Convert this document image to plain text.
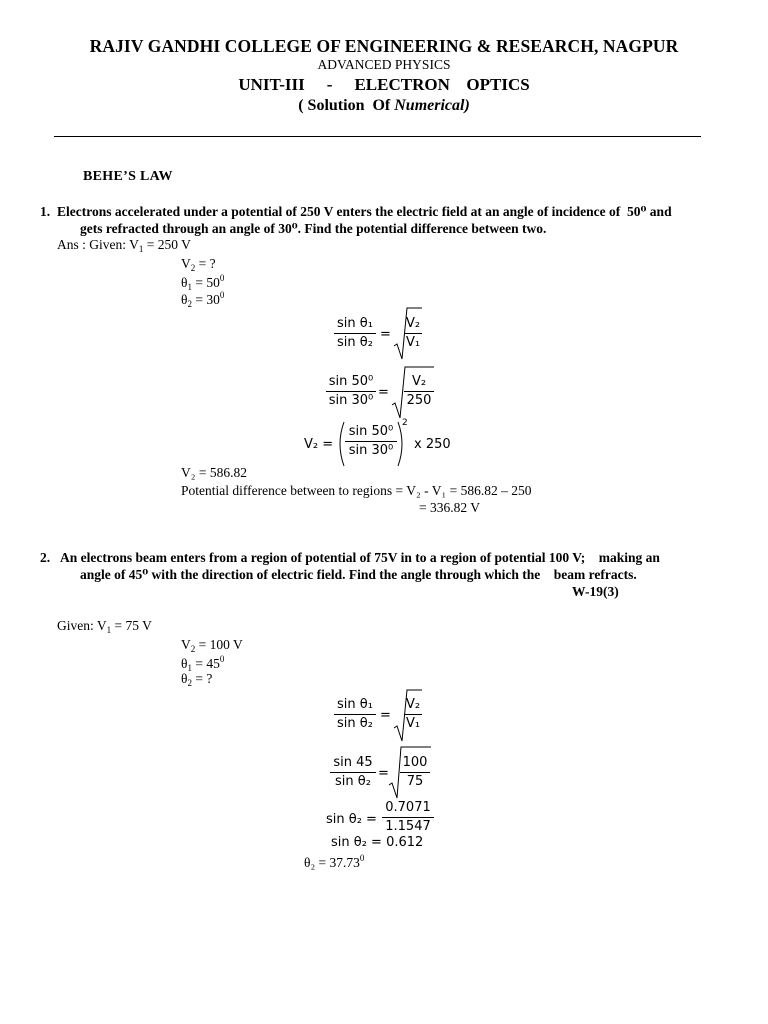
RAJIV GANDHI COLLEGE OF ENGINEERING & RESEARCH, NAGPUR
ADVANCED PHYSICS
UNIT-III - ELECTRON  OPTICS
( Solution  Of Numerical)
BEHE’S LAW
1. Electrons accelerated under a potential of 250 V enters the electric field at an angle of incidence of  50⁰ and
gets refracted through an angle of 30⁰. Find the potential difference between two.
Ans : Given: $V_1 = 250$ V
$V_2$ = ?
$\theta_1 = 50^0$
$\theta_2 = 30^0$
sin θ₁
sin θ₂
=
V₂
V₁
sin 50⁰
sin 30⁰
=
V₂
250
V₂ =
sin 50⁰
sin 30⁰
2
x 250
V₂ = 586.82
Potential difference between to regions = V₂ - V₁ = 586.82 – 250
= 336.82 V
2. An electrons beam enters from a region of potential of 75V in to a region of potential 100 V;    making an
angle of 45⁰ with the direction of electric field. Find the angle through which the    beam refracts.
W-19(3)
Given: $V_1 = 75$ V
$V_2 = 100$ V
$\theta_1 = 45^0$
$\theta_2$ = ?
sin θ₁
sin θ₂
=
V₂
V₁
sin 45
sin θ₂
=
100
75
sin θ₂ =
0.7071
1.1547
sin θ₂ = 0.612
$\theta_2 = 37.73^0$
